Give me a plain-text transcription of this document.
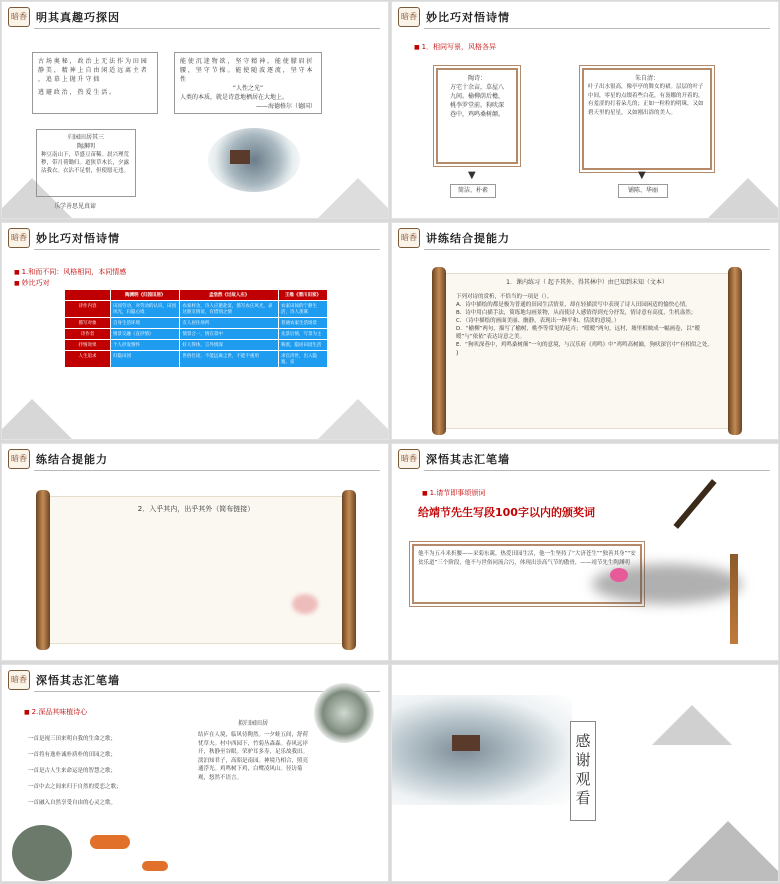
暗香 明其真趣巧探因
古 场 奥 秘 ， 政 治 上 无 法 作 为 田 园 静 美 ， 精 神 上 自 由 闲 适 远 离 主 者 ， 追 慕 上 抛 升 守 拙
逃 避 政 治 ， 热 爱 生 活 。
能 使 沉 迷 物 欲 ， 坚 守 精 神 。 能 使 朦 眉 折 腰 ， 坚 守 节 操 。 能 使 随 波 逐 流 ， 坚 守 本 性
“人性之光”
人类的本质，就是诗意地栖居在大地上。
——海德格尔（德国）
归园田居其三
陶渊明
种豆南山下，草盛豆苗稀。晨兴理荒秽，带月荷锄归。道狭草木长，夕露沾我衣。衣沾不足惜，但使愿无违。
乐学善思见真谛
暗香 妙比巧对悟诗情
■ 1．相同写景，风格各异
陶诗：
方宅十余亩，草屋八九间。榆柳荫后檐，桃李罗堂前。狗吠深巷中，鸡鸣桑树颠。
▼
简洁、朴素
朱自清：
叶子出水很高，像亭亭的舞女的裙。层层的叶子中间，零星的点缀着些白花，有袅娜的开着的，有羞涩的打着朵儿的；正如一粒粒的明珠，又如碧天里的星星，又如刚出浴的美人。
▼
铺陈、华丽
暗香 妙比巧对悟诗情
■ 1.和而不同：风格相同，本同情感
■ 妙比巧对
	陶渊明《归园田居》	孟浩然《过故人庄》	王维《渭川田家》
诗作内容	田园劳动，对劳动的认识，田园风光，归隐心境	农家村舍，诗人应邀赴宴，描写农庄风光，表达朋友情谊，有惜别之情	农家田间的宁静生活，诗人羡慕
描写对象	自身生活环境	友人居住场所	普通农家生活场景
诗作者	情景交融《直抒情》	情景合一，情在景中	先景后情，写景为主
抒情效果	个人抒发情怀	好人得体，言外情深	称羡，隐居田园生活
人生追求	归隐田园	世俗仕途，不能远离尘世，不能不重用	求官济世，出入隐逸，宦
暗香 讲练结合提能力
1．课内练习（ 起予其外、得其林中）由已知到未知（文本）
下列对诗的赏析，不恰当的一项是（）。
A．诗中描绘的都是极为普通的田园生活情景，却在轻描淡写中表现了诗人田园闲适的愉快心情。
B．诗中用白描手法，简练地勾画景物，从而使诗人感情得到充分抒发，情诗意有高度，生机盎然；
C．（诗中描绘的画面美丽、幽静，表现出一种平和、恬淡的意境。）
D．“榆柳”两句，描写了榆树，桃李等常见的花卉；“暧暧”两句，远村，墟里相映成一幅画卷，以“暧暧”与“依依”表达诗意之美。
E．“狗吠深巷中，鸡鸣桑树颠”一句的意境，与汉乐府《鸡鸣》中“鸡鸣高树巅，狗吠深宫中”有相似之处。
)
暗香 练结合提能力
2．入乎其内，出乎其外（简布链接）
暗香 深悟其志汇笔墙
■ 1.请节即事颂颁词
给靖节先生写段100字以内的颁奖词
他不为五斗米折腰——采菊东篱，热爱田园生活，他一生坚持了“大济苍生”“独善其身”“安贫乐道”三个阶段，他不与世俗同流合污，体现出崇高气节的傲骨，——靖节先生陶渊明
暗香 深悟其志汇笔墙
■ 2.深品其味植诗心
一首是视三田来明自我的生命之歌；
一首将有逸朴诚朴质朴的田园之歌；
一首是古人生来命运是的智慧之歌；
一首中去之间来归于自然的爱恋之歌；
一首融入自然享受自由的心灵之歌。
拟归园田居
结庐在人境，临风待陶然。一夕蛙五间，舒荷忧草夫。村中西园下，竹菊丛森森。春风远岸开，秋静至谷眼。荣驴耳多寿，足乐故我田。淡泊知君子，高昭是南园。神境乃相合，照亮通浮光。鸡鸣树下鸡，白鹭凌风山。径访菊观，悠然不语言。	感谢观看
